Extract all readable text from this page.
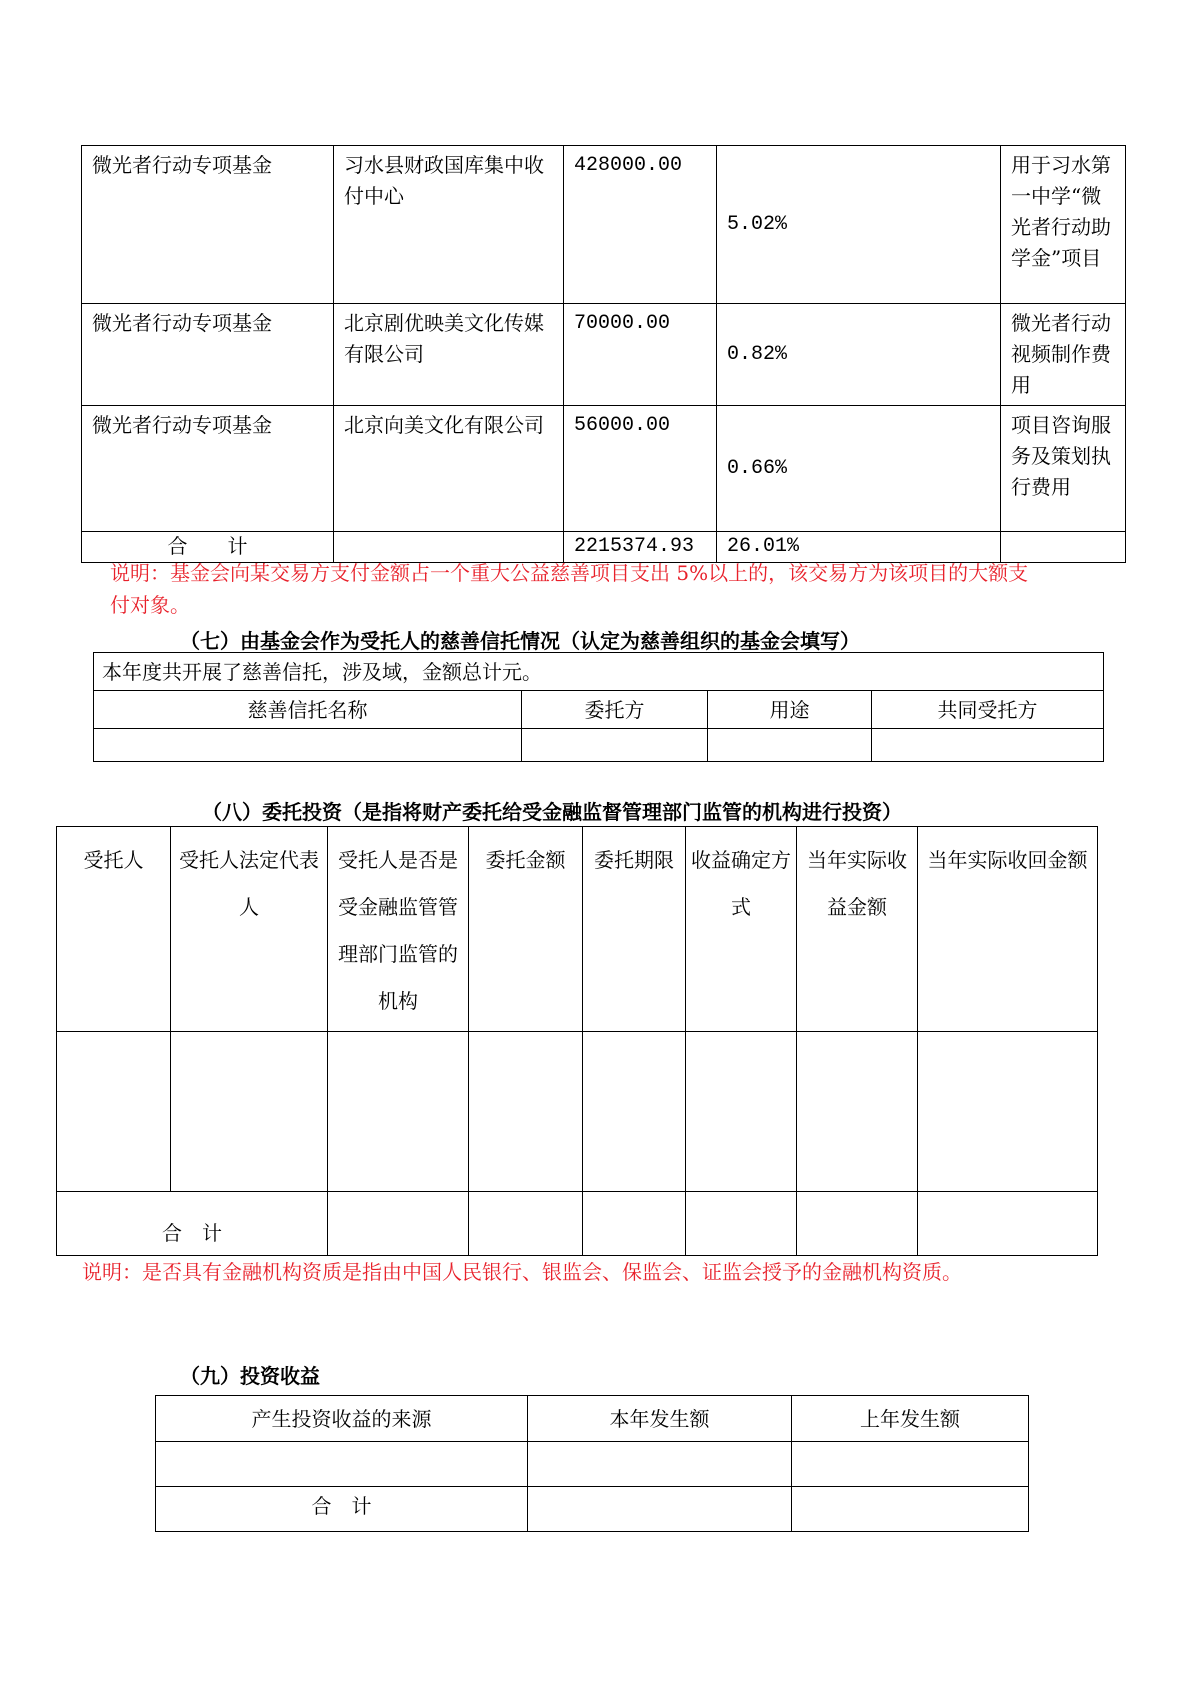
微光者行动专项基金	习水县财政国库集中收付中心	428000.00	5.02%	用于习水第一中学“微光者行动助学金”项目
微光者行动专项基金	北京剧优映美文化传媒有限公司	70000.00	0.82%	微光者行动视频制作费用
微光者行动专项基金	北京向美文化有限公司	56000.00	0.66%	项目咨询服务及策划执行费用
合　　计		2215374.93	26.01%	
说明：基金会向某交易方支付金额占一个重大公益慈善项目支出 5%以上的，该交易方为该项目的大额支付对象。
（七）由基金会作为受托人的慈善信托情况（认定为慈善组织的基金会填写）
本年度共开展了慈善信托，涉及域，金额总计元。			
慈善信托名称	委托方	用途	共同受托方

（八）委托投资（是指将财产委托给受金融监督管理部门监管的机构进行投资）
受托人	受托人法定代表人	受托人是否是受金融监管管理部门监管的机构	委托金额	委托期限	收益确定方式	当年实际收益金额	当年实际收回金额

合　计							
说明：是否具有金融机构资质是指由中国人民银行、银监会、保监会、证监会授予的金融机构资质。
（九）投资收益
产生投资收益的来源	本年发生额	上年发生额

合　计		
